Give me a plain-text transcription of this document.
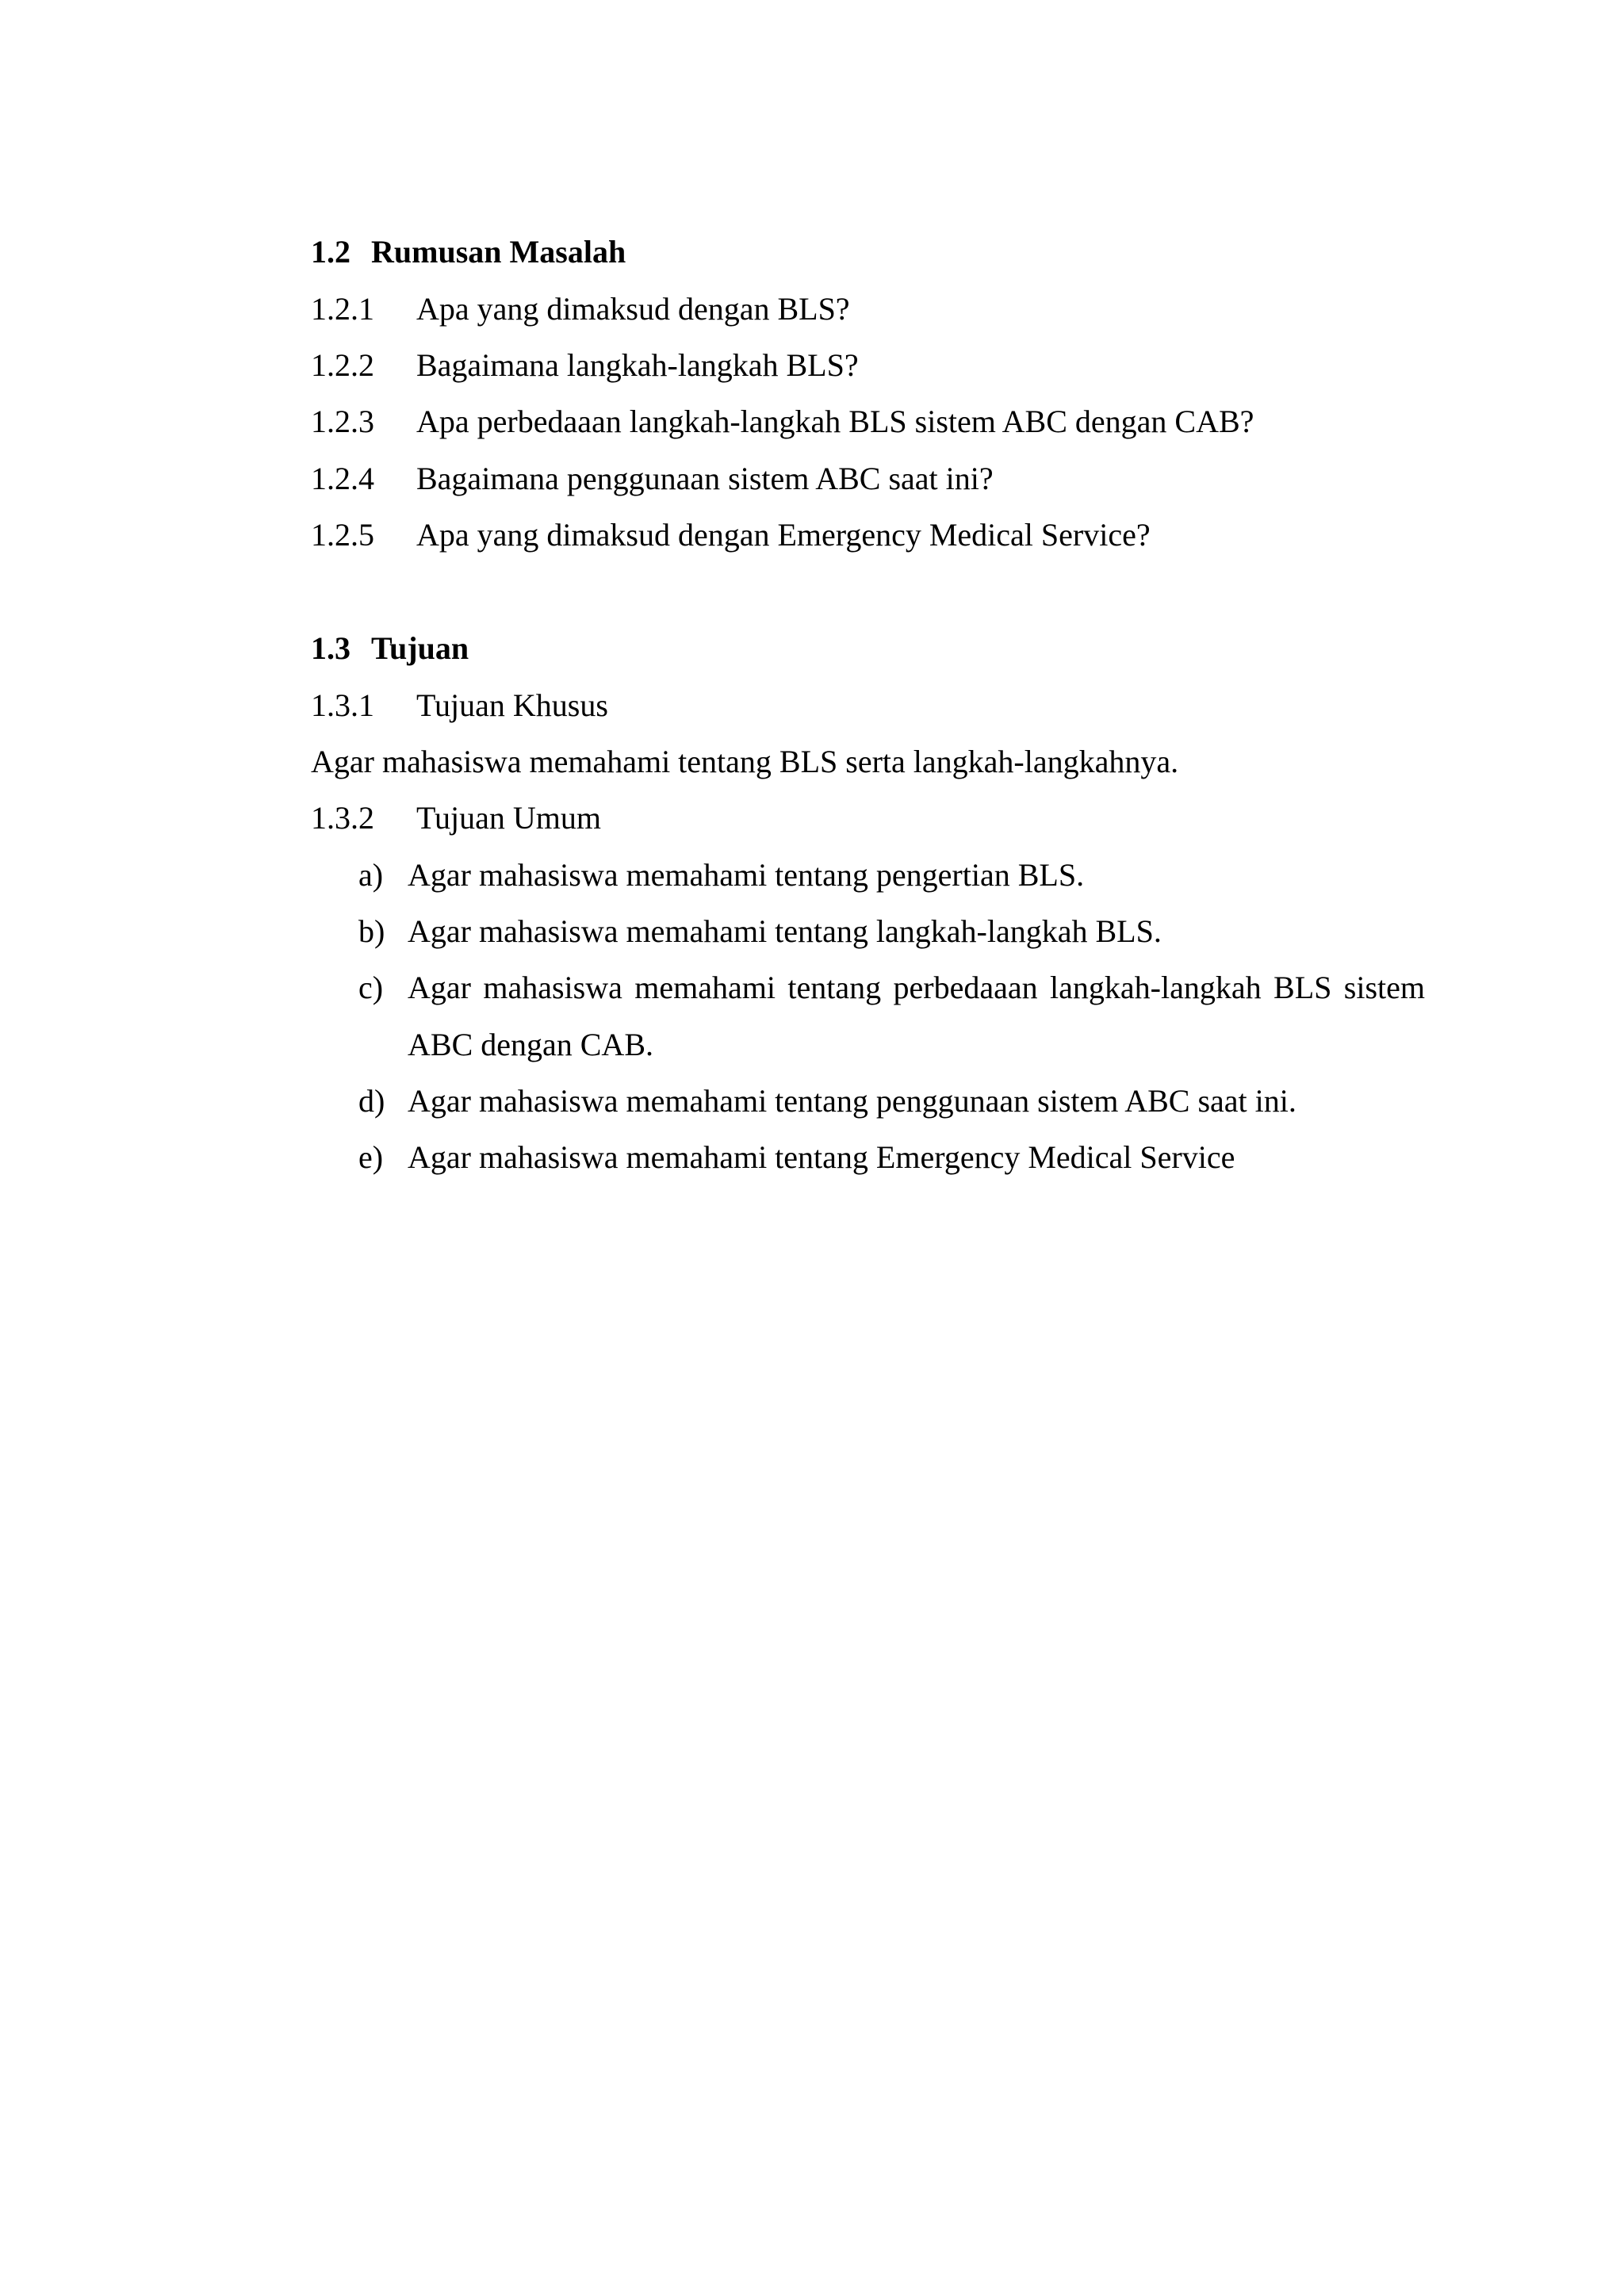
1.2 Rumusan Masalah
1.2.1 Apa yang dimaksud dengan BLS?
1.2.2 Bagaimana langkah-langkah BLS?
1.2.3 Apa perbedaaan langkah-langkah BLS sistem ABC dengan CAB?
1.2.4 Bagaimana penggunaan sistem ABC saat ini?
1.2.5 Apa yang dimaksud dengan Emergency Medical Service?
1.3 Tujuan
1.3.1 Tujuan Khusus
Agar mahasiswa memahami tentang BLS serta langkah-langkahnya.
1.3.2 Tujuan Umum
a) Agar mahasiswa memahami tentang pengertian BLS.
b) Agar mahasiswa memahami tentang langkah-langkah BLS.
c) Agar mahasiswa memahami tentang perbedaaan langkah-langkah BLS sistem ABC dengan CAB.
d) Agar mahasiswa memahami tentang penggunaan sistem ABC saat ini.
e) Agar mahasiswa memahami tentang Emergency Medical Service
